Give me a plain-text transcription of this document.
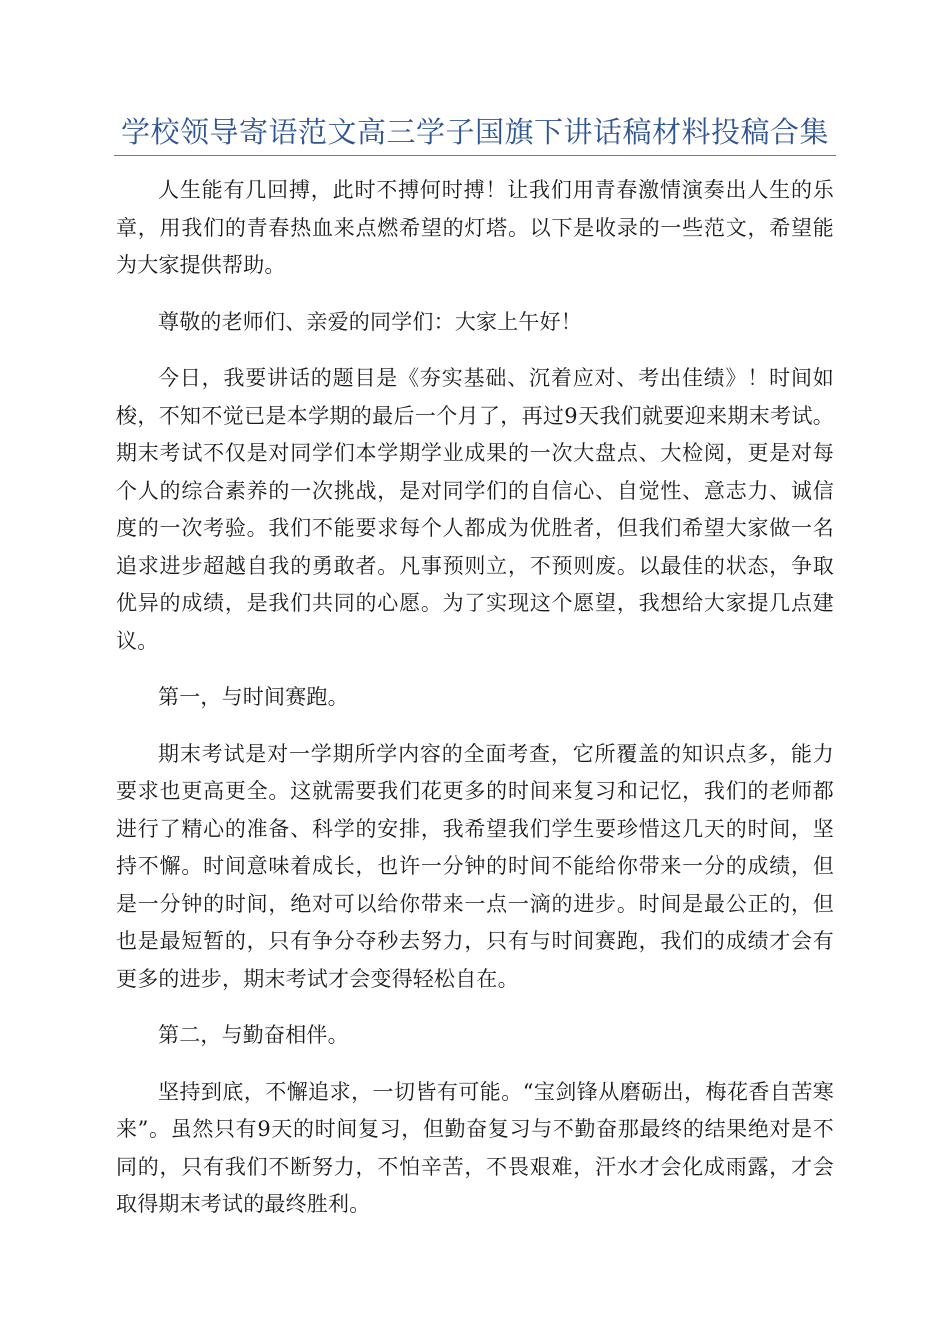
学校领导寄语范文高三学子国旗下讲话稿材料投稿合集

人生能有几回搏，此时不搏何时搏！让我们用青春激情演奏出人生的乐章，用我们的青春热血来点燃希望的灯塔。以下是收录的一些范文，希望能为大家提供帮助。

尊敬的老师们、亲爱的同学们：大家上午好！

今日，我要讲话的题目是《夯实基础、沉着应对、考出佳绩》！时间如梭，不知不觉已是本学期的最后一个月了，再过9天我们就要迎来期末考试。期末考试不仅是对同学们本学期学业成果的一次大盘点、大检阅，更是对每个人的综合素养的一次挑战，是对同学们的自信心、自觉性、意志力、诚信度的一次考验。我们不能要求每个人都成为优胜者，但我们希望大家做一名追求进步超越自我的勇敢者。凡事预则立，不预则废。以最佳的状态，争取优异的成绩，是我们共同的心愿。为了实现这个愿望，我想给大家提几点建议。

第一，与时间赛跑。

期末考试是对一学期所学内容的全面考查，它所覆盖的知识点多，能力要求也更高更全。这就需要我们花更多的时间来复习和记忆，我们的老师都进行了精心的准备、科学的安排，我希望我们学生要珍惜这几天的时间，坚持不懈。时间意味着成长，也许一分钟的时间不能给你带来一分的成绩，但是一分钟的时间，绝对可以给你带来一点一滴的进步。时间是最公正的，但也是最短暂的，只有争分夺秒去努力，只有与时间赛跑，我们的成绩才会有更多的进步，期末考试才会变得轻松自在。

第二，与勤奋相伴。

坚持到底，不懈追求，一切皆有可能。“宝剑锋从磨砺出，梅花香自苦寒来”。虽然只有9天的时间复习，但勤奋复习与不勤奋那最终的结果绝对是不同的，只有我们不断努力，不怕辛苦，不畏艰难，汗水才会化成雨露，才会取得期末考试的最终胜利。
